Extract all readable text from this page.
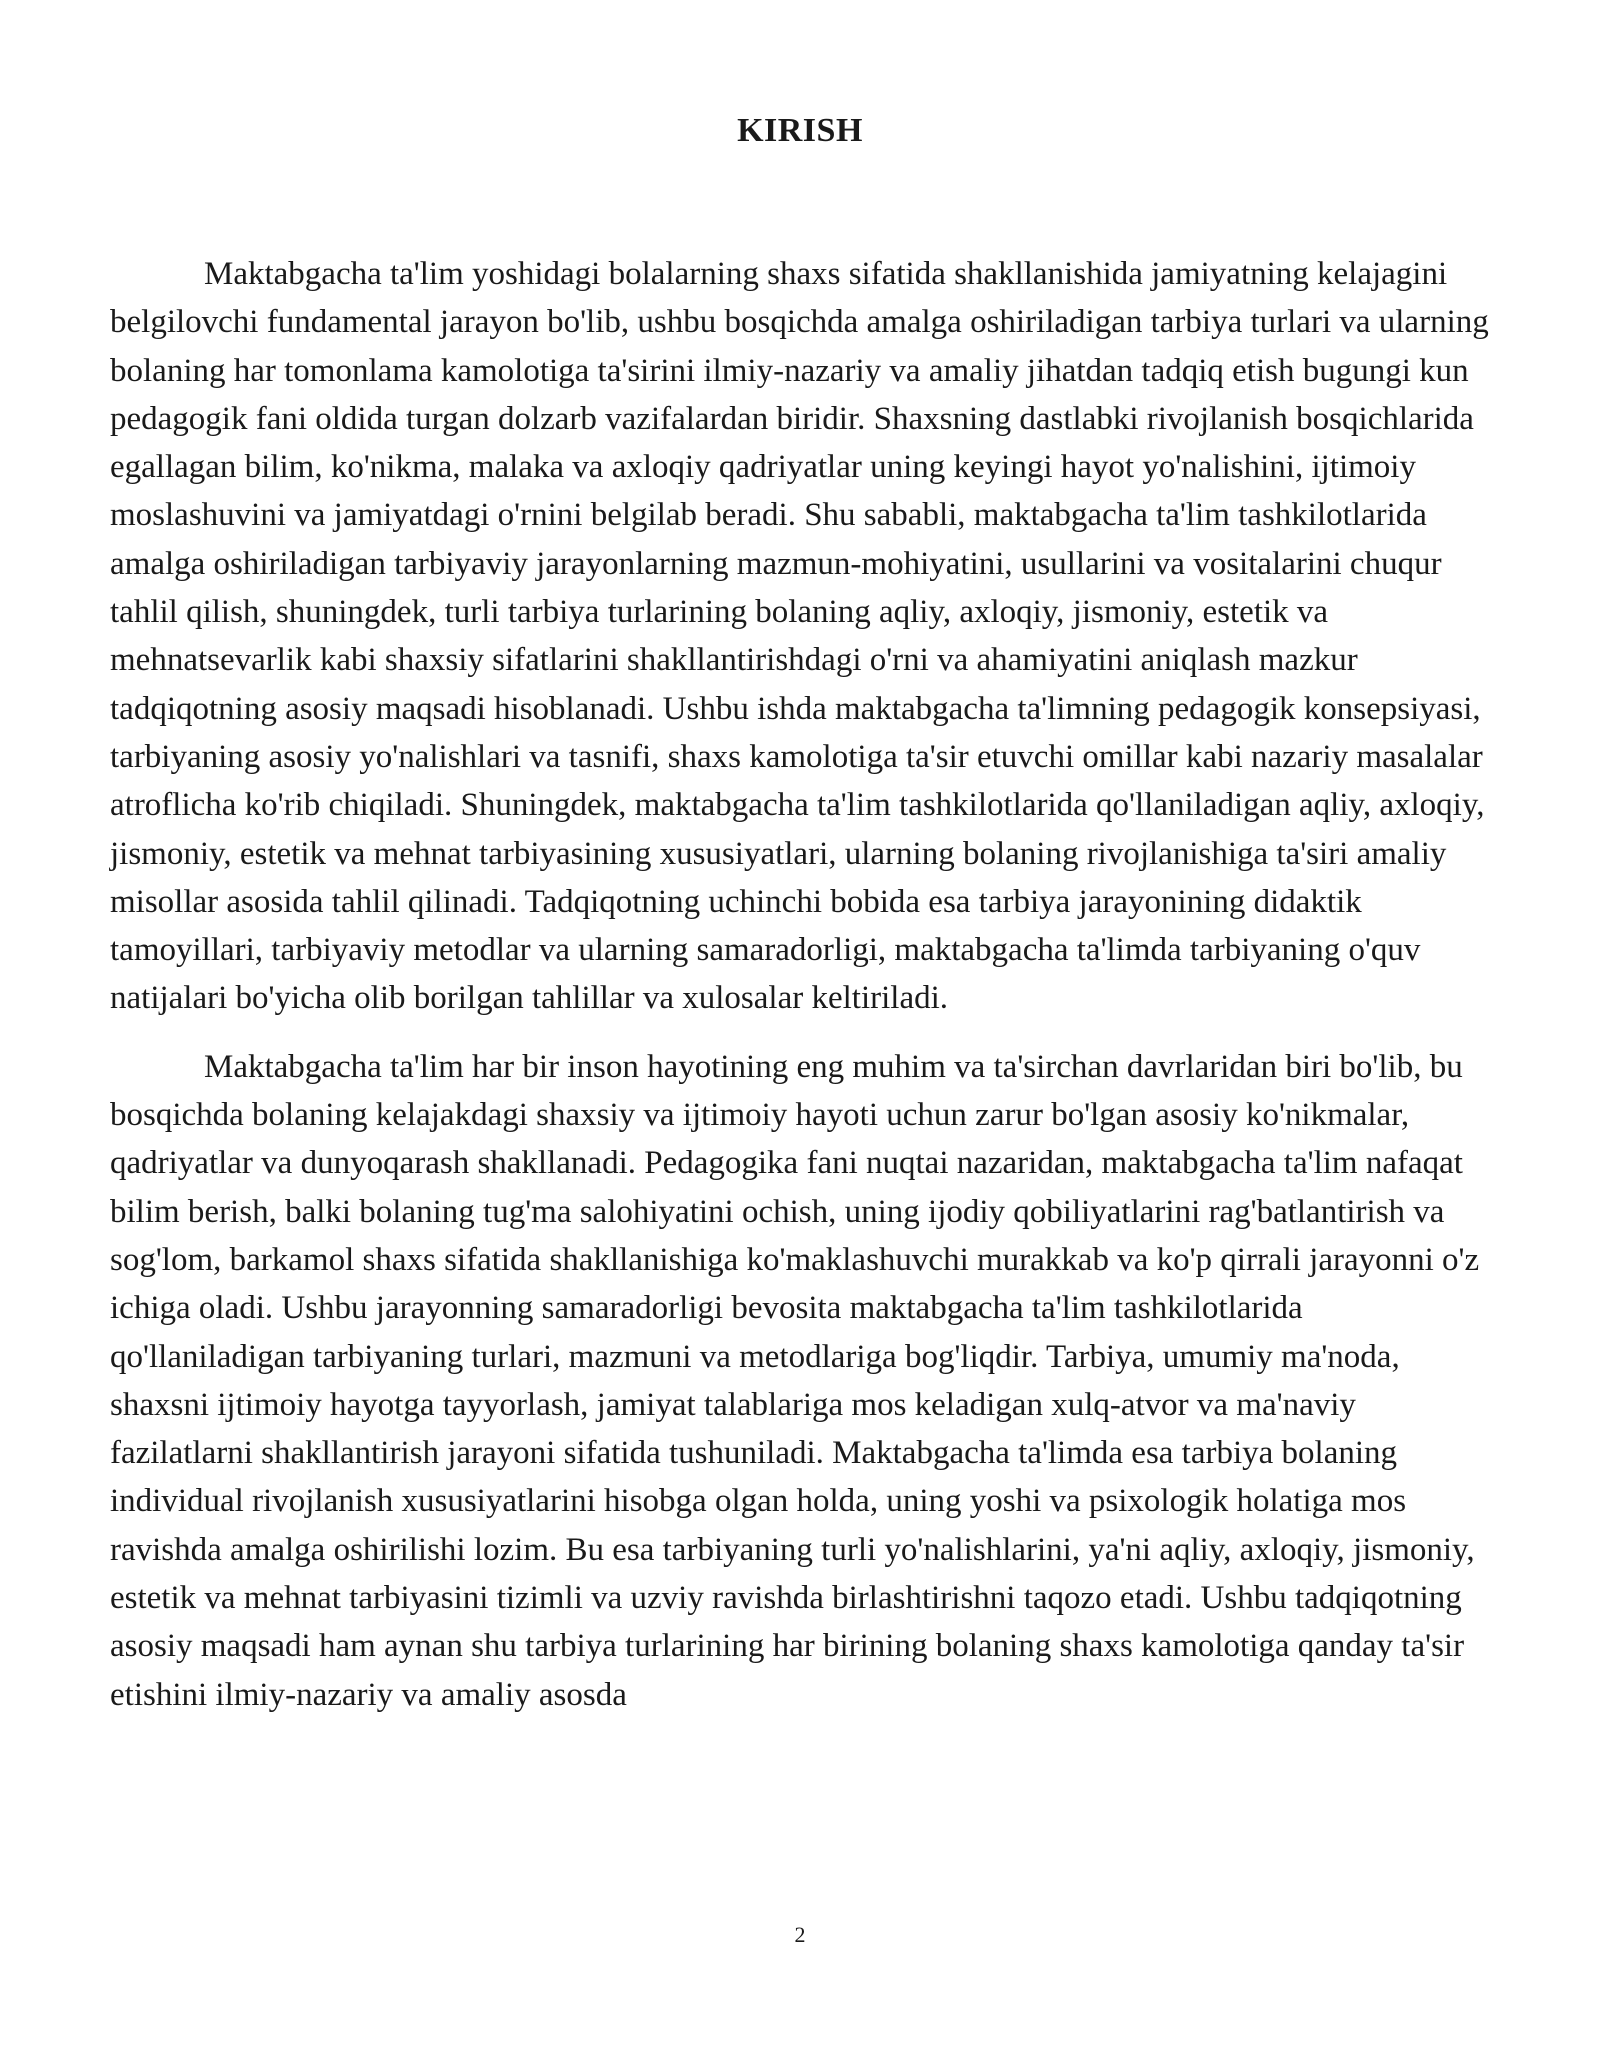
KIRISH

Maktabgacha ta'lim yoshidagi bolalarning shaxs sifatida shakllanishida jamiyatning kelajagini belgilovchi fundamental jarayon bo'lib, ushbu bosqichda amalga oshiriladigan tarbiya turlari va ularning bolaning har tomonlama kamolotiga ta'sirini ilmiy-nazariy va amaliy jihatdan tadqiq etish bugungi kun pedagogik fani oldida turgan dolzarb vazifalardan biridir. Shaxsning dastlabki rivojlanish bosqichlarida egallagan bilim, ko'nikma, malaka va axloqiy qadriyatlar uning keyingi hayot yo'nalishini, ijtimoiy moslashuvini va jamiyatdagi o'rnini belgilab beradi. Shu sababli, maktabgacha ta'lim tashkilotlarida amalga oshiriladigan tarbiyaviy jarayonlarning mazmun-mohiyatini, usullarini va vositalarini chuqur tahlil qilish, shuningdek, turli tarbiya turlarining bolaning aqliy, axloqiy, jismoniy, estetik va mehnatsevarlik kabi shaxsiy sifatlarini shakllantirishdagi o'rni va ahamiyatini aniqlash mazkur tadqiqotning asosiy maqsadi hisoblanadi. Ushbu ishda maktabgacha ta'limning pedagogik konsepsiyasi, tarbiyaning asosiy yo'nalishlari va tasnifi, shaxs kamolotiga ta'sir etuvchi omillar kabi nazariy masalalar atroflicha ko'rib chiqiladi. Shuningdek, maktabgacha ta'lim tashkilotlarida qo'llaniladigan aqliy, axloqiy, jismoniy, estetik va mehnat tarbiyasining xususiyatlari, ularning bolaning rivojlanishiga ta'siri amaliy misollar asosida tahlil qilinadi. Tadqiqotning uchinchi bobida esa tarbiya jarayonining didaktik tamoyillari, tarbiyaviy metodlar va ularning samaradorligi, maktabgacha ta'limda tarbiyaning o'quv natijalari bo'yicha olib borilgan tahlillar va xulosalar keltiriladi.

Maktabgacha ta'lim har bir inson hayotining eng muhim va ta'sirchan davrlaridan biri bo'lib, bu bosqichda bolaning kelajakdagi shaxsiy va ijtimoiy hayoti uchun zarur bo'lgan asosiy ko'nikmalar, qadriyatlar va dunyoqarash shakllanadi. Pedagogika fani nuqtai nazaridan, maktabgacha ta'lim nafaqat bilim berish, balki bolaning tug'ma salohiyatini ochish, uning ijodiy qobiliyatlarini rag'batlantirish va sog'lom, barkamol shaxs sifatida shakllanishiga ko'maklashuvchi murakkab va ko'p qirrali jarayonni o'z ichiga oladi. Ushbu jarayonning samaradorligi bevosita maktabgacha ta'lim tashkilotlarida qo'llaniladigan tarbiyaning turlari, mazmuni va metodlariga bog'liqdir. Tarbiya, umumiy ma'noda, shaxsni ijtimoiy hayotga tayyorlash, jamiyat talablariga mos keladigan xulq-atvor va ma'naviy fazilatlarni shakllantirish jarayoni sifatida tushuniladi. Maktabgacha ta'limda esa tarbiya bolaning individual rivojlanish xususiyatlarini hisobga olgan holda, uning yoshi va psixologik holatiga mos ravishda amalga oshirilishi lozim. Bu esa tarbiyaning turli yo'nalishlarini, ya'ni aqliy, axloqiy, jismoniy, estetik va mehnat tarbiyasini tizimli va uzviy ravishda birlashtirishni taqozo etadi. Ushbu tadqiqotning asosiy maqsadi ham aynan shu tarbiya turlarining har birining bolaning shaxs kamolotiga qanday ta'sir etishini ilmiy-nazariy va amaliy asosda

2
